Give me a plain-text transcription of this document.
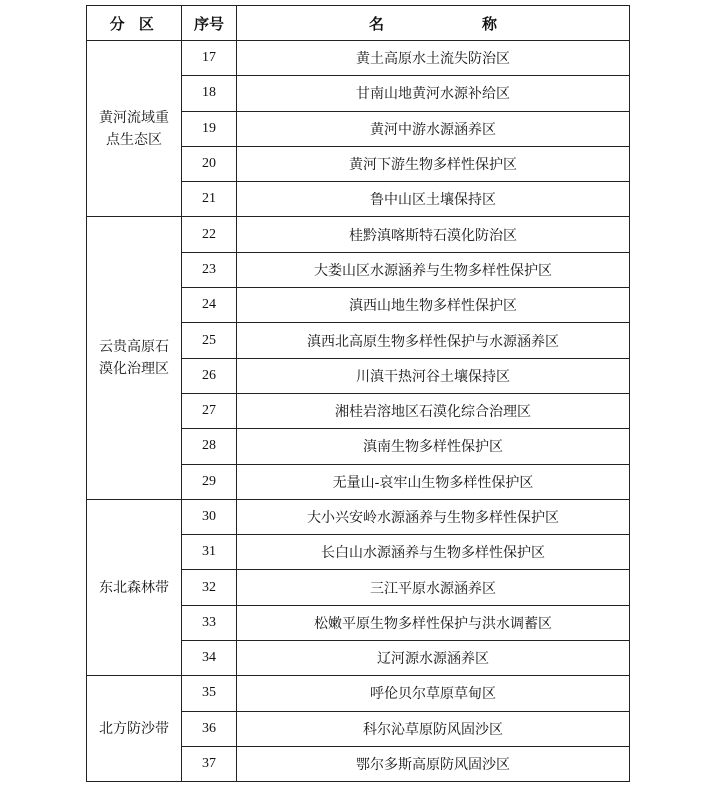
分 区	序号	名 称

黄河流域重点生态区	17	黄土高原水土流失防治区
	18	甘南山地黄河水源补给区
	19	黄河中游水源涵养区
	20	黄河下游生物多样性保护区
	21	鲁中山区土壤保持区
云贵高原石漠化治理区	22	桂黔滇喀斯特石漠化防治区
	23	大娄山区水源涵养与生物多样性保护区
	24	滇西山地生物多样性保护区
	25	滇西北高原生物多样性保护与水源涵养区
	26	川滇干热河谷土壤保持区
	27	湘桂岩溶地区石漠化综合治理区
	28	滇南生物多样性保护区
	29	无量山-哀牢山生物多样性保护区
东北森林带	30	大小兴安岭水源涵养与生物多样性保护区
	31	长白山水源涵养与生物多样性保护区
	32	三江平原水源涵养区
	33	松嫩平原生物多样性保护与洪水调蓄区
	34	辽河源水源涵养区
北方防沙带	35	呼伦贝尔草原草甸区
	36	科尔沁草原防风固沙区
	37	鄂尔多斯高原防风固沙区
